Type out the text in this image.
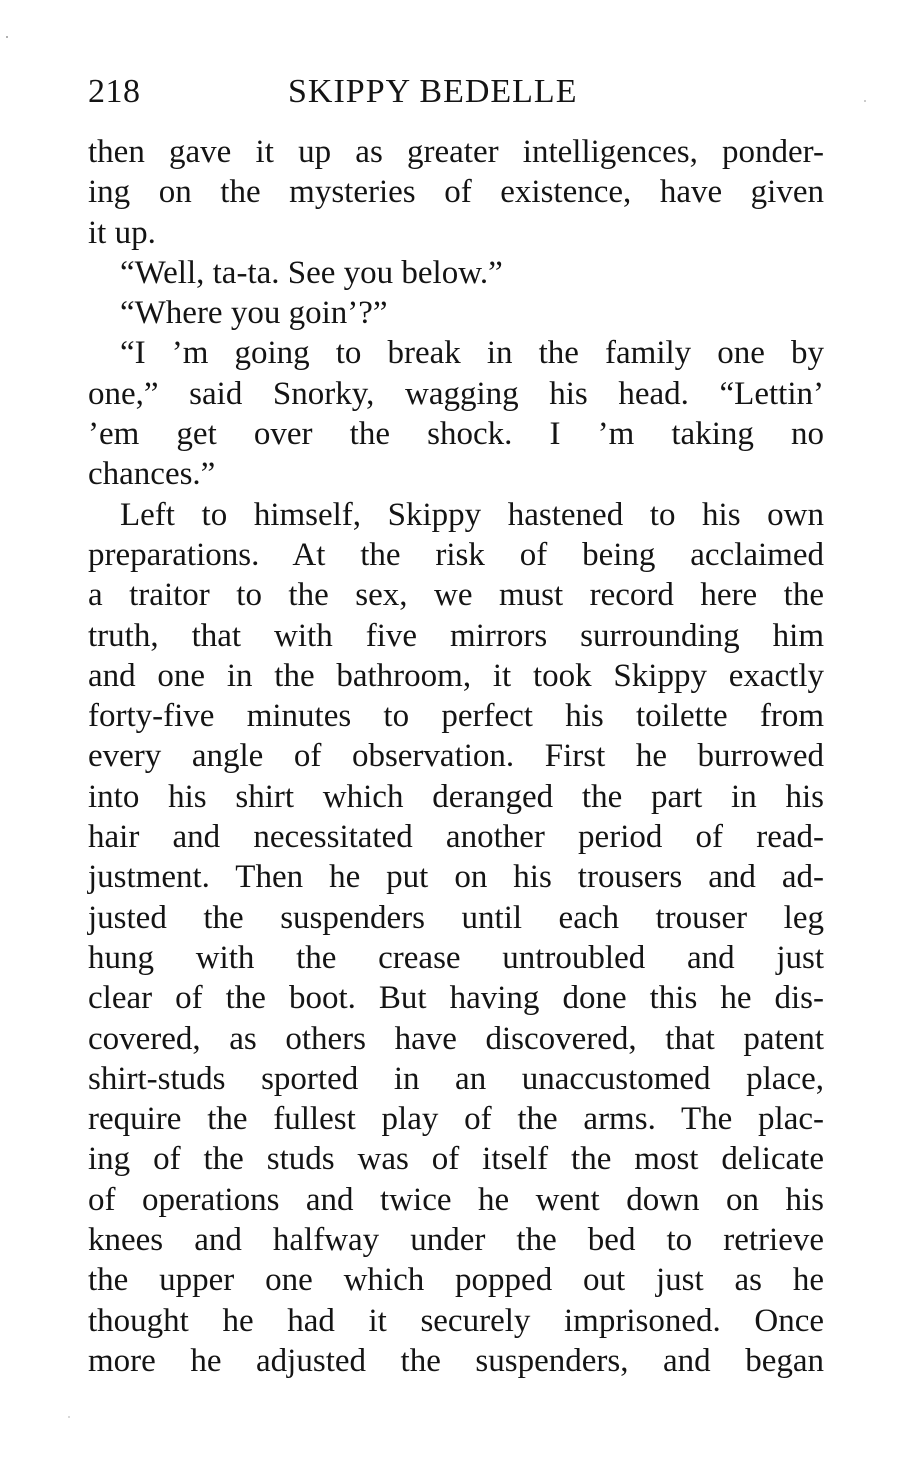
218	SKIPPY BEDELLE
then gave it up as greater intelligences, ponder-
ing on the mysteries of existence, have given
it up.
“Well, ta-ta. See you below.”
“Where you goin’?”
“I ’m going to break in the family one by
one,” said Snorky, wagging his head. “Lettin’
’em get over the shock. I ’m taking no
chances.”
Left to himself, Skippy hastened to his own
preparations. At the risk of being acclaimed
a traitor to the sex, we must record here the
truth, that with five mirrors surrounding him
and one in the bathroom, it took Skippy exactly
forty-five minutes to perfect his toilette from
every angle of observation. First he burrowed
into his shirt which deranged the part in his
hair and necessitated another period of read-
justment. Then he put on his trousers and ad-
justed the suspenders until each trouser leg
hung with the crease untroubled and just
clear of the boot. But having done this he dis-
covered, as others have discovered, that patent
shirt-studs sported in an unaccustomed place,
require the fullest play of the arms. The plac-
ing of the studs was of itself the most delicate
of operations and twice he went down on his
knees and halfway under the bed to retrieve
the upper one which popped out just as he
thought he had it securely imprisoned. Once
more he adjusted the suspenders, and began
